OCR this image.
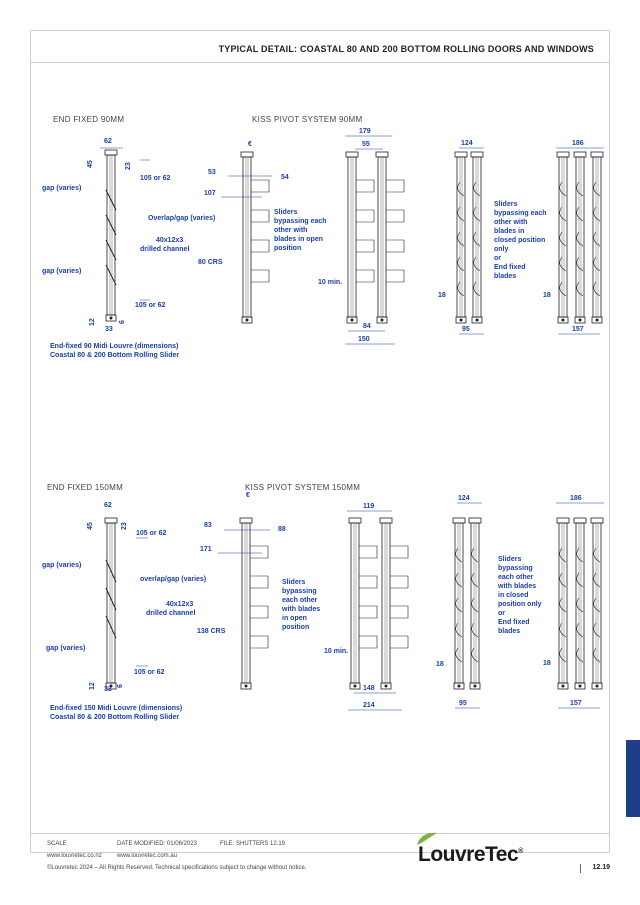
TYPICAL DETAIL: COASTAL 80 AND 200 BOTTOM ROLLING DOORS AND WINDOWS
END FIXED 90MM	KISS PIVOT SYSTEM 90MM
END FIXED 150MM	KISS PIVOT SYSTEM 150MM
62
45	23
105 or 62
gap (varies)
Overlap/gap (varies)
40x12x3
drilled channel
gap (varies)
105 or 62
12	6
33
End-fixed 90 Midi Louvre (dimensions)
Coastal 80 & 200 Bottom Rolling Slider
€
53
54
107
80 CRS
179
55
10 min.
84
150
124
18
95
186
18
157
Sliders
bypassing each
other with
blades in open
position
Sliders
bypassing each
other with
blades in
closed position
only
or
End fixed
blades
62
45	23
105 or 62
gap (varies)
overlap/gap (varies)
40x12x3
drilled channel
gap (varies)
105 or 62
12	6
33
End-fixed 150 Midi Louvre (dimensions)
Coastal 80 & 200 Bottom Rolling Slider
€
83
88
171
138 CRS
119
10 min.
148
214
124
18
95
186
18
157
Sliders
bypassing
each other
with blades
in open
position
Sliders
bypassing
each other
with blades
in closed
position only
or
End fixed
blades
SCALE	DATE MODIFIED: 01/06/2023	FILE: SHUTTERS 12.19
www.louvretec.co.nz	www.louvretec.com.au
©Louvretec 2024 – All Rights Reserved. Technical specifications subject to change without notice.
LouvreTec®
12.19
